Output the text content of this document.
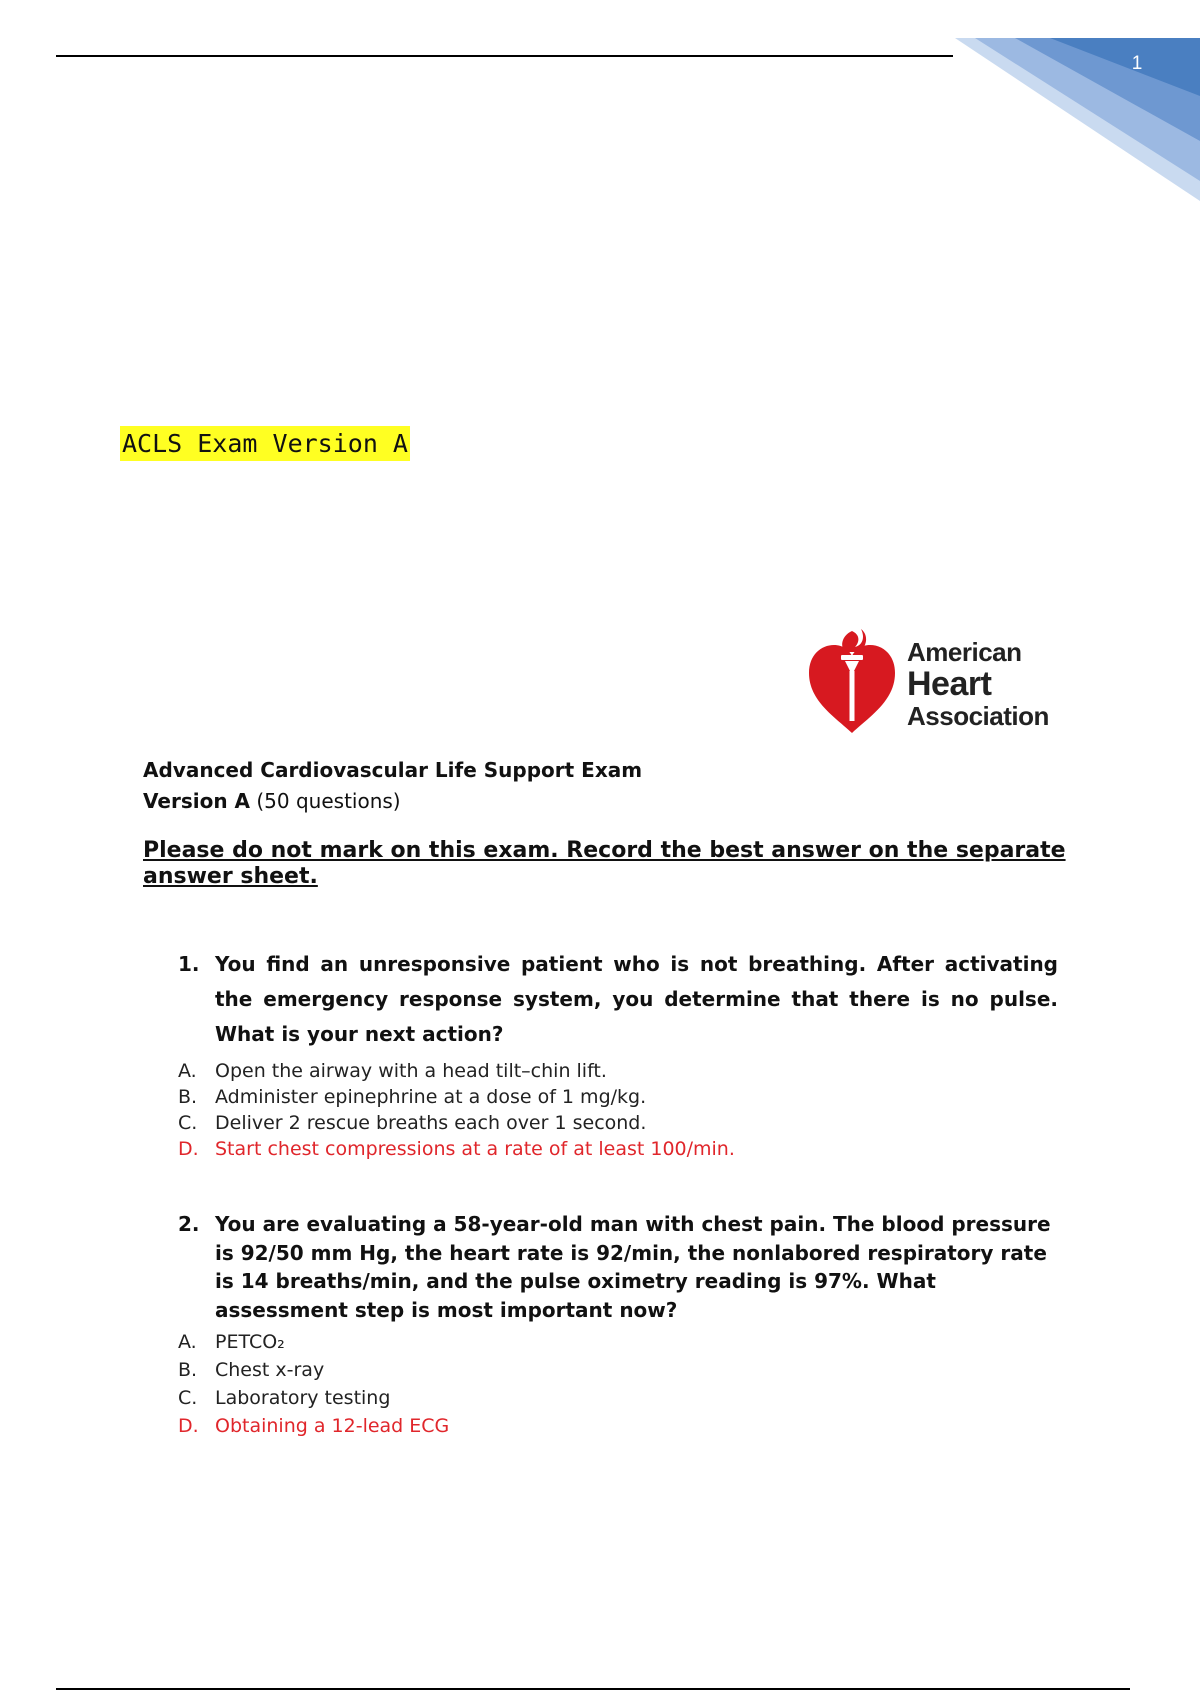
1
ACLS Exam Version A
American
Heart
Association
Advanced Cardiovascular Life Support Exam
Version A (50 questions)
Please do not mark on this exam. Record the best answer on the separate answer sheet.
1. You find an unresponsive patient who is not breathing. After activating the emergency response system, you determine that there is no pulse. What is your next action?
A. Open the airway with a head tilt–chin lift.
B. Administer epinephrine at a dose of 1 mg/kg.
C. Deliver 2 rescue breaths each over 1 second.
D. Start chest compressions at a rate of at least 100/min.
2. You are evaluating a 58-year-old man with chest pain. The blood pressure is 92/50 mm Hg, the heart rate is 92/min, the nonlabored respiratory rate is 14 breaths/min, and the pulse oximetry reading is 97%. What assessment step is most important now?
A. PETCO₂
B. Chest x-ray
C. Laboratory testing
D. Obtaining a 12-lead ECG
